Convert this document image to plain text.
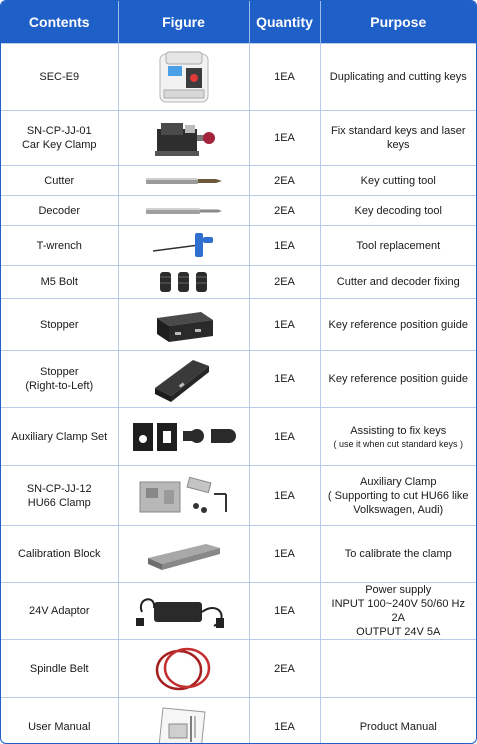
Contents	Figure	Quantity	Purpose

SEC-E9		1EA	Duplicating and cutting keys

SN-CP-JJ-01
Car Key Clamp		1EA	Fix standard keys and laser keys

Cutter		2EA	Key cutting tool

Decoder		2EA	Key decoding tool

T-wrench		1EA	Tool replacement

M5 Bolt		2EA	Cutter and decoder fixing

Stopper		1EA	Key reference position guide

Stopper
(Right-to-Left)		1EA	Key reference position guide

Auxiliary Clamp Set		1EA	Assisting to fix keys
( use it when cut standard keys )

SN-CP-JJ-12
HU66 Clamp		1EA	Auxiliary Clamp
( Supporting to cut HU66 like
Volkswagen, Audi)

Calibration Block		1EA	To calibrate the clamp

24V Adaptor		1EA	Power supply
INPUT 100~240V 50/60 Hz 2A
OUTPUT 24V 5A

Spindle Belt		2EA	

User Manual		1EA	Product Manual
